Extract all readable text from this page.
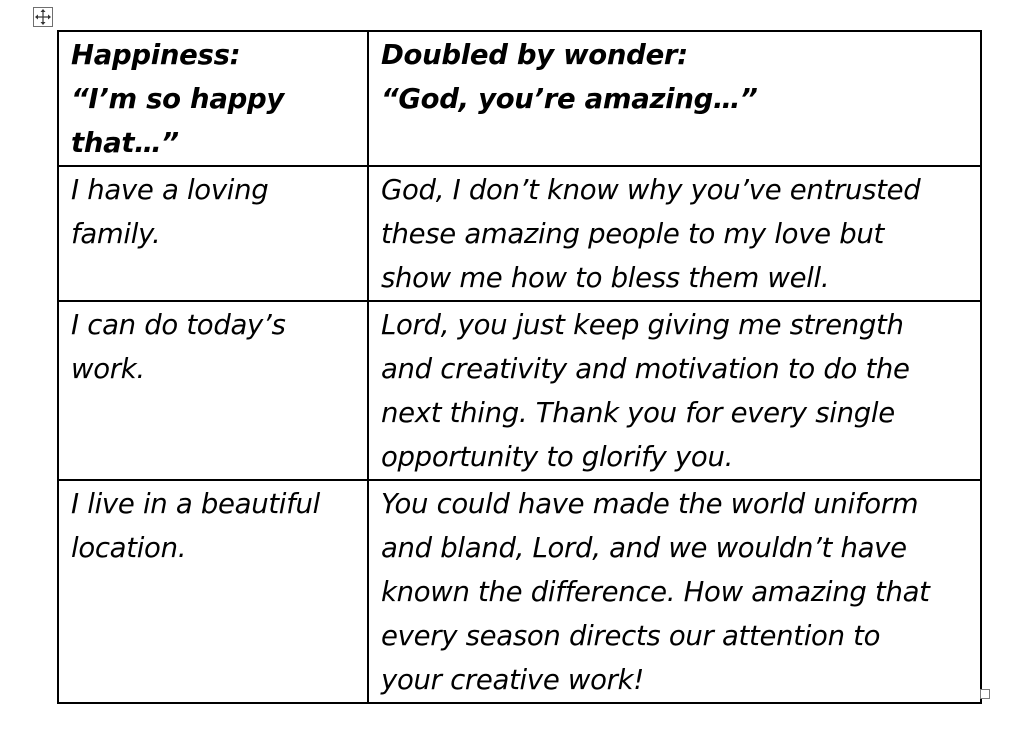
Happiness:
“I’m so happy
that…”	Doubled by wonder:
“God, you’re amazing…”

I have a loving
family.	God, I don’t know why you’ve entrusted
these amazing people to my love but
show me how to bless them well.

I can do today’s
work.	Lord, you just keep giving me strength
and creativity and motivation to do the
next thing. Thank you for every single
opportunity to glorify you.

I live in a beautiful
location.	You could have made the world uniform
and bland, Lord, and we wouldn’t have
known the difference. How amazing that
every season directs our attention to
your creative work!
